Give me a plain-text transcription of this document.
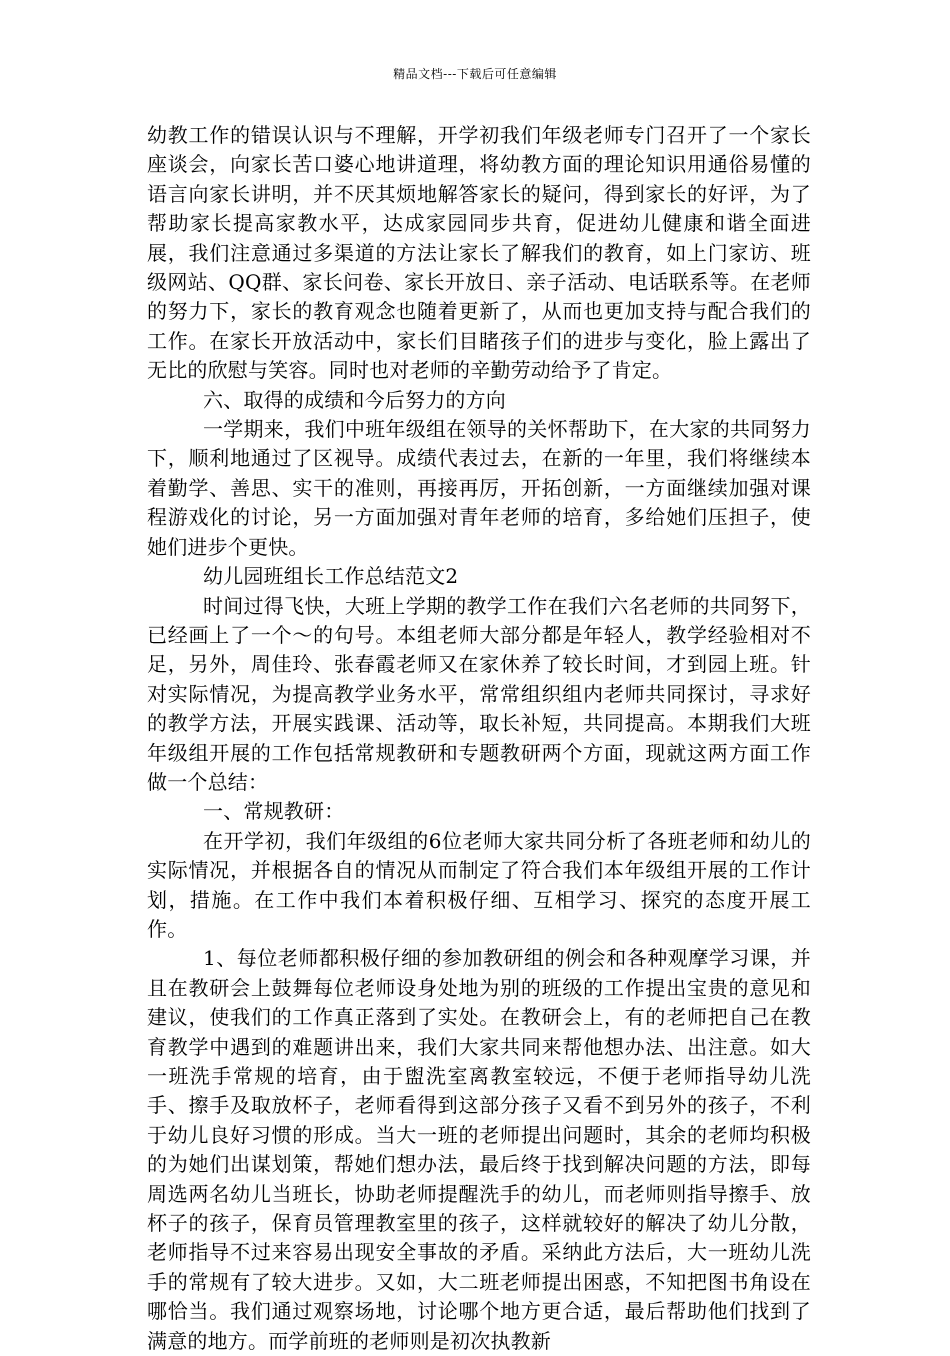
精品文档---下载后可任意编辑

幼教工作的错误认识与不理解，开学初我们年级老师专门召开了一个家长座谈会，向家长苦口婆心地讲道理，将幼教方面的理论知识用通俗易懂的语言向家长讲明，并不厌其烦地解答家长的疑问，得到家长的好评，为了帮助家长提高家教水平，达成家园同步共育，促进幼儿健康和谐全面进展，我们注意通过多渠道的方法让家长了解我们的教育，如上门家访、班级网站、QQ群、家长问卷、家长开放日、亲子活动、电话联系等。在老师的努力下，家长的教育观念也随着更新了，从而也更加支持与配合我们的工作。在家长开放活动中，家长们目睹孩子们的进步与变化，脸上露出了无比的欣慰与笑容。同时也对老师的辛勤劳动给予了肯定。

六、取得的成绩和今后努力的方向

一学期来，我们中班年级组在领导的关怀帮助下，在大家的共同努力下，顺利地通过了区视导。成绩代表过去，在新的一年里，我们将继续本着勤学、善思、实干的准则，再接再厉，开拓创新，一方面继续加强对课程游戏化的讨论，另一方面加强对青年老师的培育，多给她们压担子，使她们进步个更快。

幼儿园班组长工作总结范文2

时间过得飞快，大班上学期的教学工作在我们六名老师的共同努下，已经画上了一个～的句号。本组老师大部分都是年轻人，教学经验相对不足，另外，周佳玲、张春霞老师又在家休养了较长时间，才到园上班。针对实际情况，为提高教学业务水平，常常组织组内老师共同探讨，寻求好的教学方法，开展实践课、活动等，取长补短，共同提高。本期我们大班年级组开展的工作包括常规教研和专题教研两个方面，现就这两方面工作做一个总结：

一、常规教研：

在开学初，我们年级组的6位老师大家共同分析了各班老师和幼儿的实际情况，并根据各自的情况从而制定了符合我们本年级组开展的工作计划，措施。在工作中我们本着积极仔细、互相学习、探究的态度开展工作。

1、每位老师都积极仔细的参加教研组的例会和各种观摩学习课，并且在教研会上鼓舞每位老师设身处地为别的班级的工作提出宝贵的意见和建议，使我们的工作真正落到了实处。在教研会上，有的老师把自己在教育教学中遇到的难题讲出来，我们大家共同来帮他想办法、出注意。如大一班洗手常规的培育，由于盥洗室离教室较远，不便于老师指导幼儿洗手、擦手及取放杯子，老师看得到这部分孩子又看不到另外的孩子，不利于幼儿良好习惯的形成。当大一班的老师提出问题时，其余的老师均积极的为她们出谋划策，帮她们想办法，最后终于找到解决问题的方法，即每周选两名幼儿当班长，协助老师提醒洗手的幼儿，而老师则指导擦手、放杯子的孩子，保育员管理教室里的孩子，这样就较好的解决了幼儿分散，老师指导不过来容易出现安全事故的矛盾。采纳此方法后，大一班幼儿洗手的常规有了较大进步。又如，大二班老师提出困惑，不知把图书角设在哪恰当。我们通过观察场地，讨论哪个地方更合适，最后帮助他们找到了满意的地方。而学前班的老师则是初次执教新
